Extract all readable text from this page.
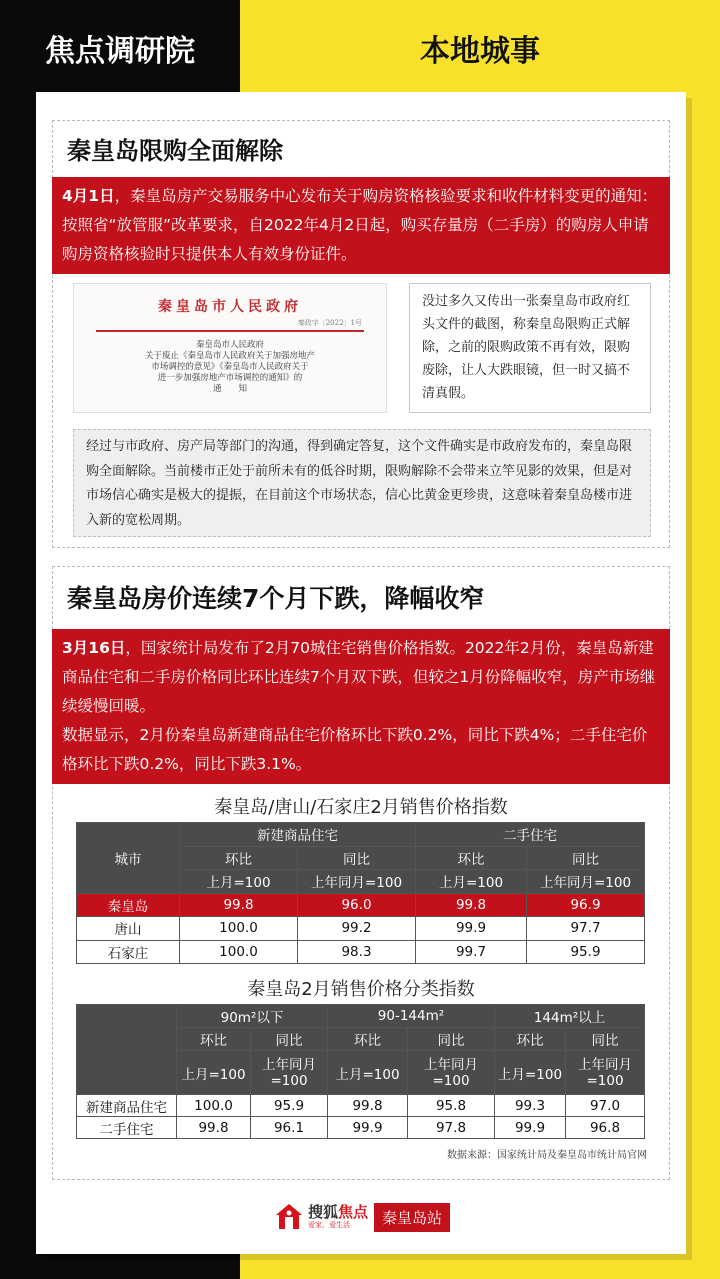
焦点调研院	本地城事
秦皇岛限购全面解除
4月1日，秦皇岛房产交易服务中心发布关于购房资格核验要求和收件材料变更的通知：按照省“放管服”改革要求，自2022年4月2日起，购买存量房（二手房）的购房人申请购房资格核验时只提供本人有效身份证件。
秦皇岛市人民政府
秦政字〔2022〕1号
秦皇岛市人民政府
关于废止《秦皇岛市人民政府关于加强房地产
市场调控的意见》《秦皇岛市人民政府关于
进一步加强房地产市场调控的通知》的
通　　知
没过多久又传出一张秦皇岛市政府红头文件的截图，称秦皇岛限购正式解除，之前的限购政策不再有效，限购废除，让人大跌眼镜，但一时又搞不清真假。
经过与市政府、房产局等部门的沟通，得到确定答复，这个文件确实是市政府发布的，秦皇岛限购全面解除。当前楼市正处于前所未有的低谷时期，限购解除不会带来立竿见影的效果，但是对市场信心确实是极大的提振，在目前这个市场状态，信心比黄金更珍贵，这意味着秦皇岛楼市进入新的宽松周期。
秦皇岛房价连续7个月下跌，降幅收窄
3月16日，国家统计局发布了2月70城住宅销售价格指数。2022年2月份，秦皇岛新建商品住宅和二手房价格同比环比连续7个月双下跌，但较之1月份降幅收窄，房产市场继续缓慢回暖。
数据显示，2月份秦皇岛新建商品住宅价格环比下跌0.2%，同比下跌4%；二手住宅价格环比下跌0.2%，同比下跌3.1%。
秦皇岛/唐山/石家庄2月销售价格指数
城市	新建商品住宅		二手住宅	
	环比	同比	环比	同比
	上月=100	上年同月=100	上月=100	上年同月=100
秦皇岛	99.8	96.0	99.8	96.9
唐山	100.0	99.2	99.9	97.7
石家庄	100.0	98.3	99.7	95.9
秦皇岛2月销售价格分类指数
	90m²以下		90-144m²		144m²以上	
	环比	同比	环比	同比	环比	同比
	上月=100	上年同月
=100	上月=100	上年同月
=100	上月=100	上年同月
=100
新建商品住宅	100.0	95.9	99.8	95.8	99.3	97.0
二手住宅	99.8	96.1	99.9	97.8	99.9	96.8
数据来源：国家统计局及秦皇岛市统计局官网
搜狐焦点
爱家，爱生活	秦皇岛站
